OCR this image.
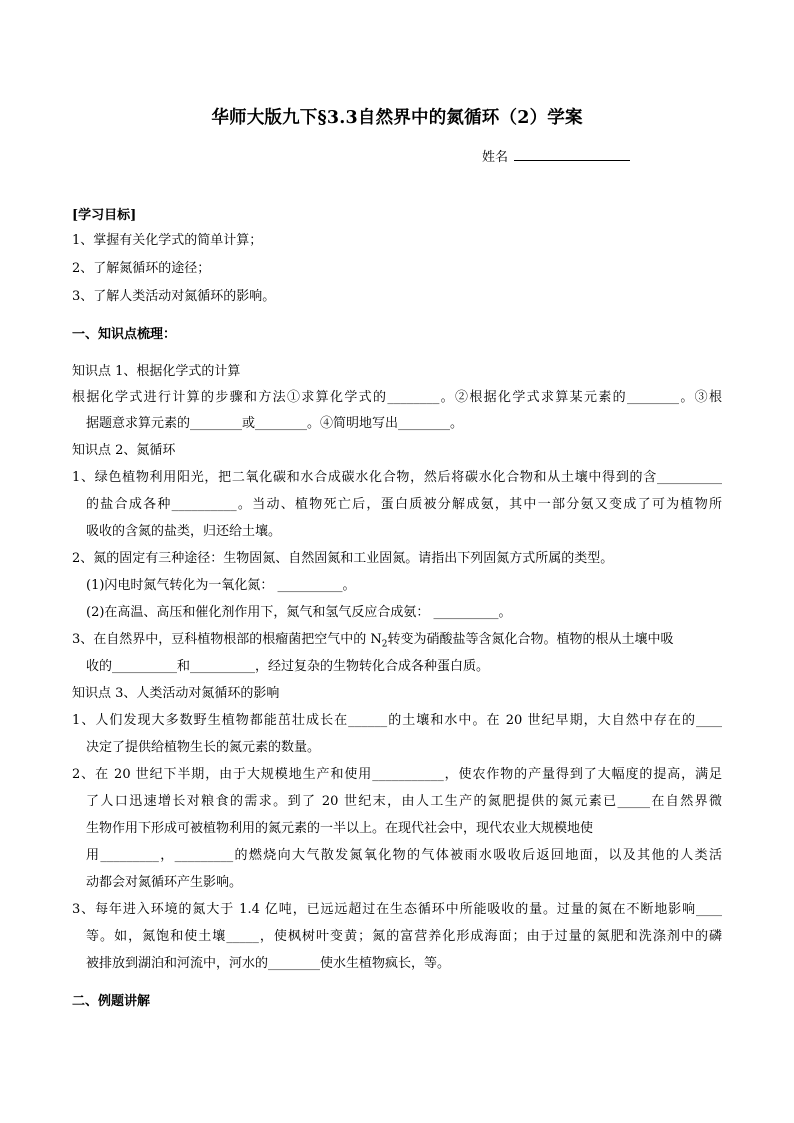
华师大版九下§3.3自然界中的氮循环（2）学案
姓名
[学习目标]
1、掌握有关化学式的简单计算；
2、了解氮循环的途径；
3、了解人类活动对氮循环的影响。
一、知识点梳理：
知识点 1、根据化学式的计算
根据化学式进行计算的步骤和方法①求算化学式的________。②根据化学式求算某元素的________。③根
据题意求算元素的________或________。④简明地写出________。
知识点 2、氮循环
1、绿色植物利用阳光，把二氧化碳和水合成碳水化合物，然后将碳水化合物和从土壤中得到的含__________
的盐合成各种__________。当动、植物死亡后，蛋白质被分解成氨，其中一部分氨又变成了可为植物所
吸收的含氮的盐类，归还给土壤。
2、氮的固定有三种途径：生物固氮、自然固氮和工业固氮。请指出下列固氮方式所属的类型。
(1)闪电时氮气转化为一氧化氮： __________。
(2)在高温、高压和催化剂作用下，氮气和氢气反应合成氨： __________。
3、在自然界中，豆科植物根部的根瘤菌把空气中的 $N_2$转变为硝酸盐等含氮化合物。植物的根从土壤中吸
收的__________和__________，经过复杂的生物转化合成各种蛋白质。
知识点 3、人类活动对氮循环的影响
1、人们发现大多数野生植物都能茁壮成长在______的土壤和水中。在 20 世纪早期，大自然中存在的____
决定了提供给植物生长的氮元素的数量。
2、在 20 世纪下半期，由于大规模地生产和使用___________，使农作物的产量得到了大幅度的提高，满足
了人口迅速增长对粮食的需求。到了 20 世纪末，由人工生产的氮肥提供的氮元素已_____在自然界微
生物作用下形成可被植物利用的氮元素的一半以上。在现代社会中，现代农业大规模地使
用_________，_________的燃烧向大气散发氮氧化物的气体被雨水吸收后返回地面，以及其他的人类活
动都会对氮循环产生影响。
3、每年进入环境的氮大于 1.4 亿吨，已远远超过在生态循环中所能吸收的量。过量的氮在不断地影响____
等。如，氮饱和使土壤_____，使枫树叶变黄；氮的富营养化形成海面；由于过量的氮肥和洗涤剂中的磷
被排放到湖泊和河流中，河水的________使水生植物疯长，等。
二、例题讲解
